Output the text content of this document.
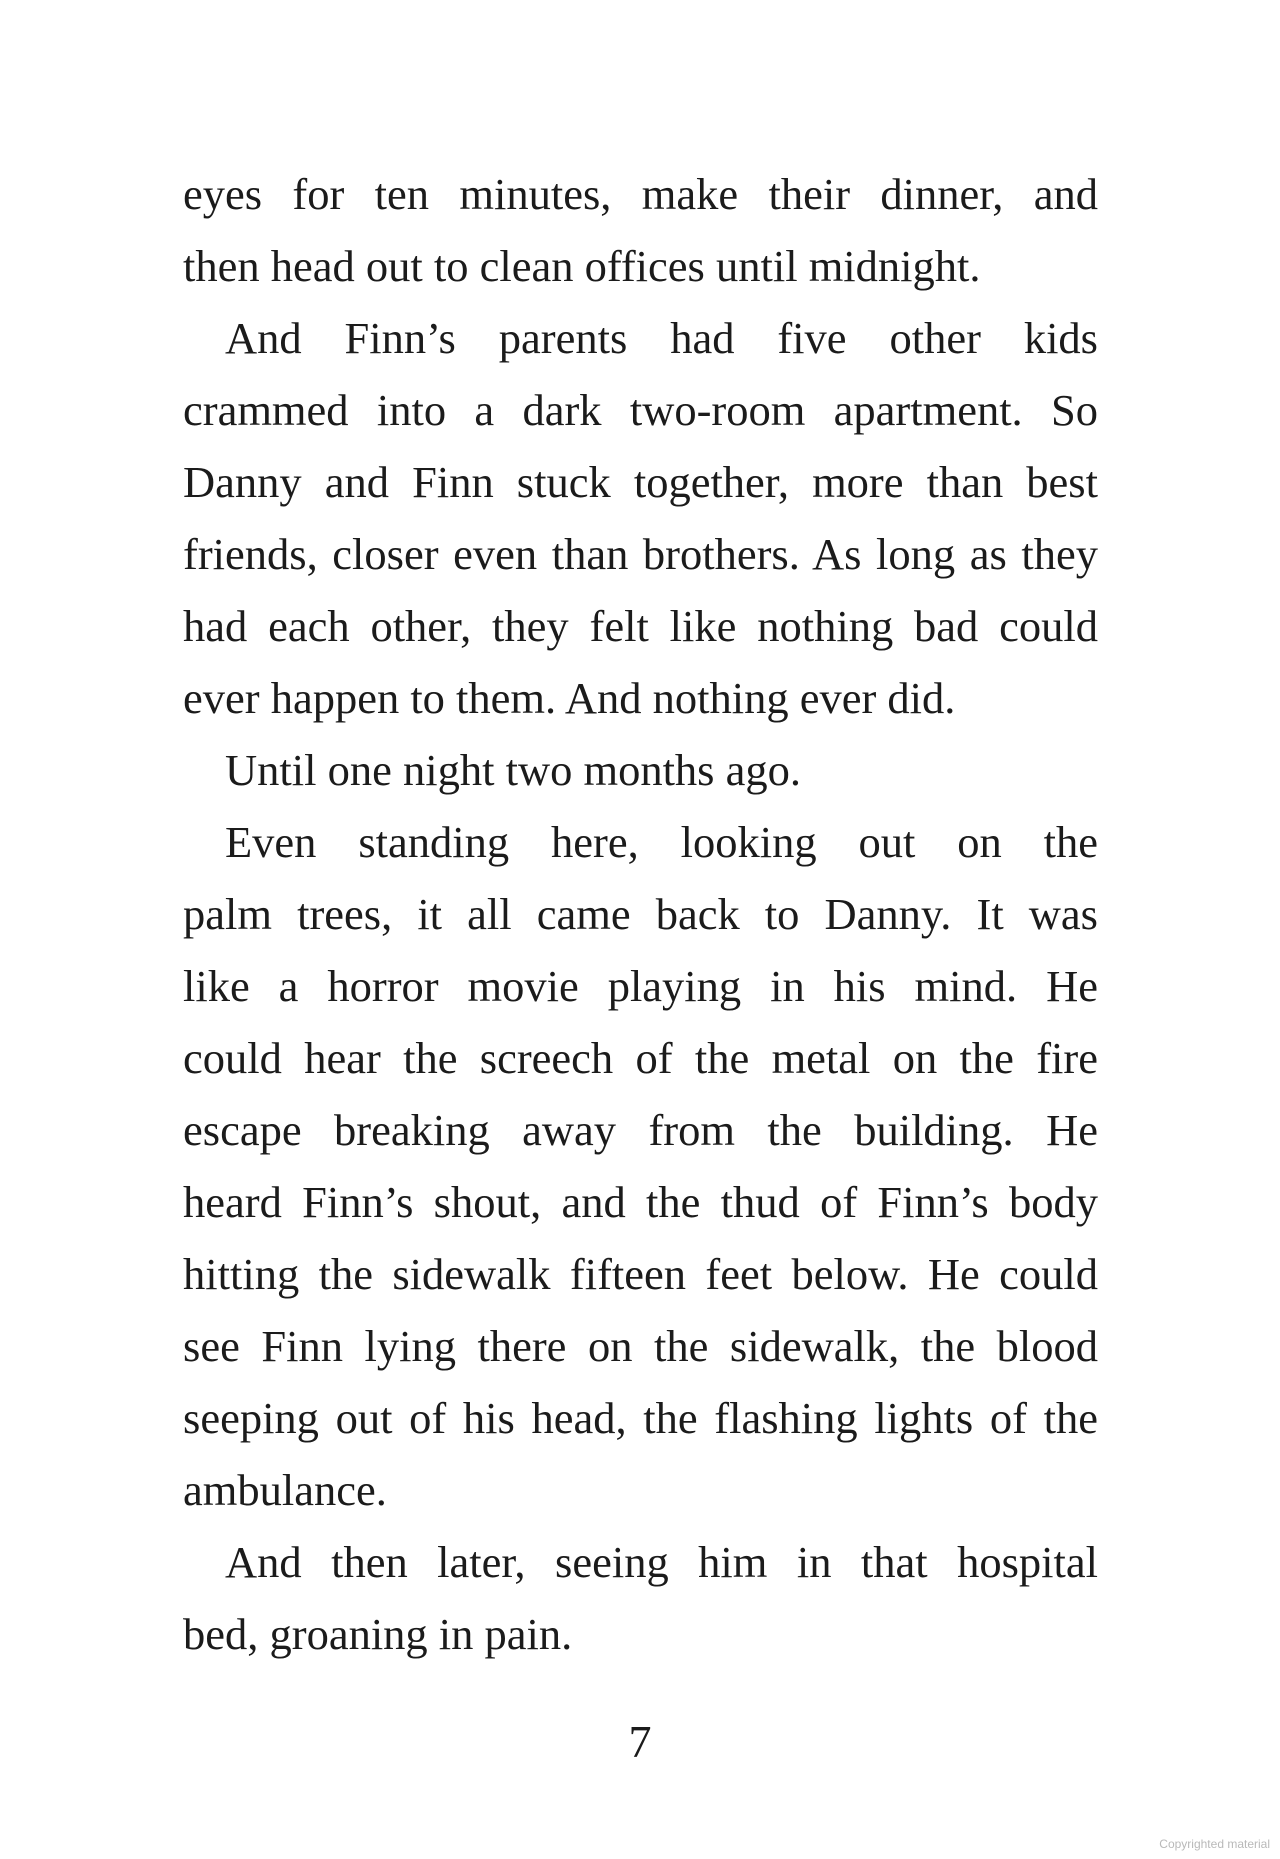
eyes for ten minutes, make their dinner, and
then head out to clean offices until midnight.
And Finn’s parents had five other kids
crammed into a dark two-room apartment. So
Danny and Finn stuck together, more than best
friends, closer even than brothers. As long as they
had each other, they felt like nothing bad could
ever happen to them. And nothing ever did.
Until one night two months ago.
Even standing here, looking out on the
palm trees, it all came back to Danny. It was
like a horror movie playing in his mind. He
could hear the screech of the metal on the fire
escape breaking away from the building. He
heard Finn’s shout, and the thud of Finn’s body
hitting the sidewalk fifteen feet below. He could
see Finn lying there on the sidewalk, the blood
seeping out of his head, the flashing lights of the
ambulance.
And then later, seeing him in that hospital
bed, groaning in pain.
7
Copyrighted material
